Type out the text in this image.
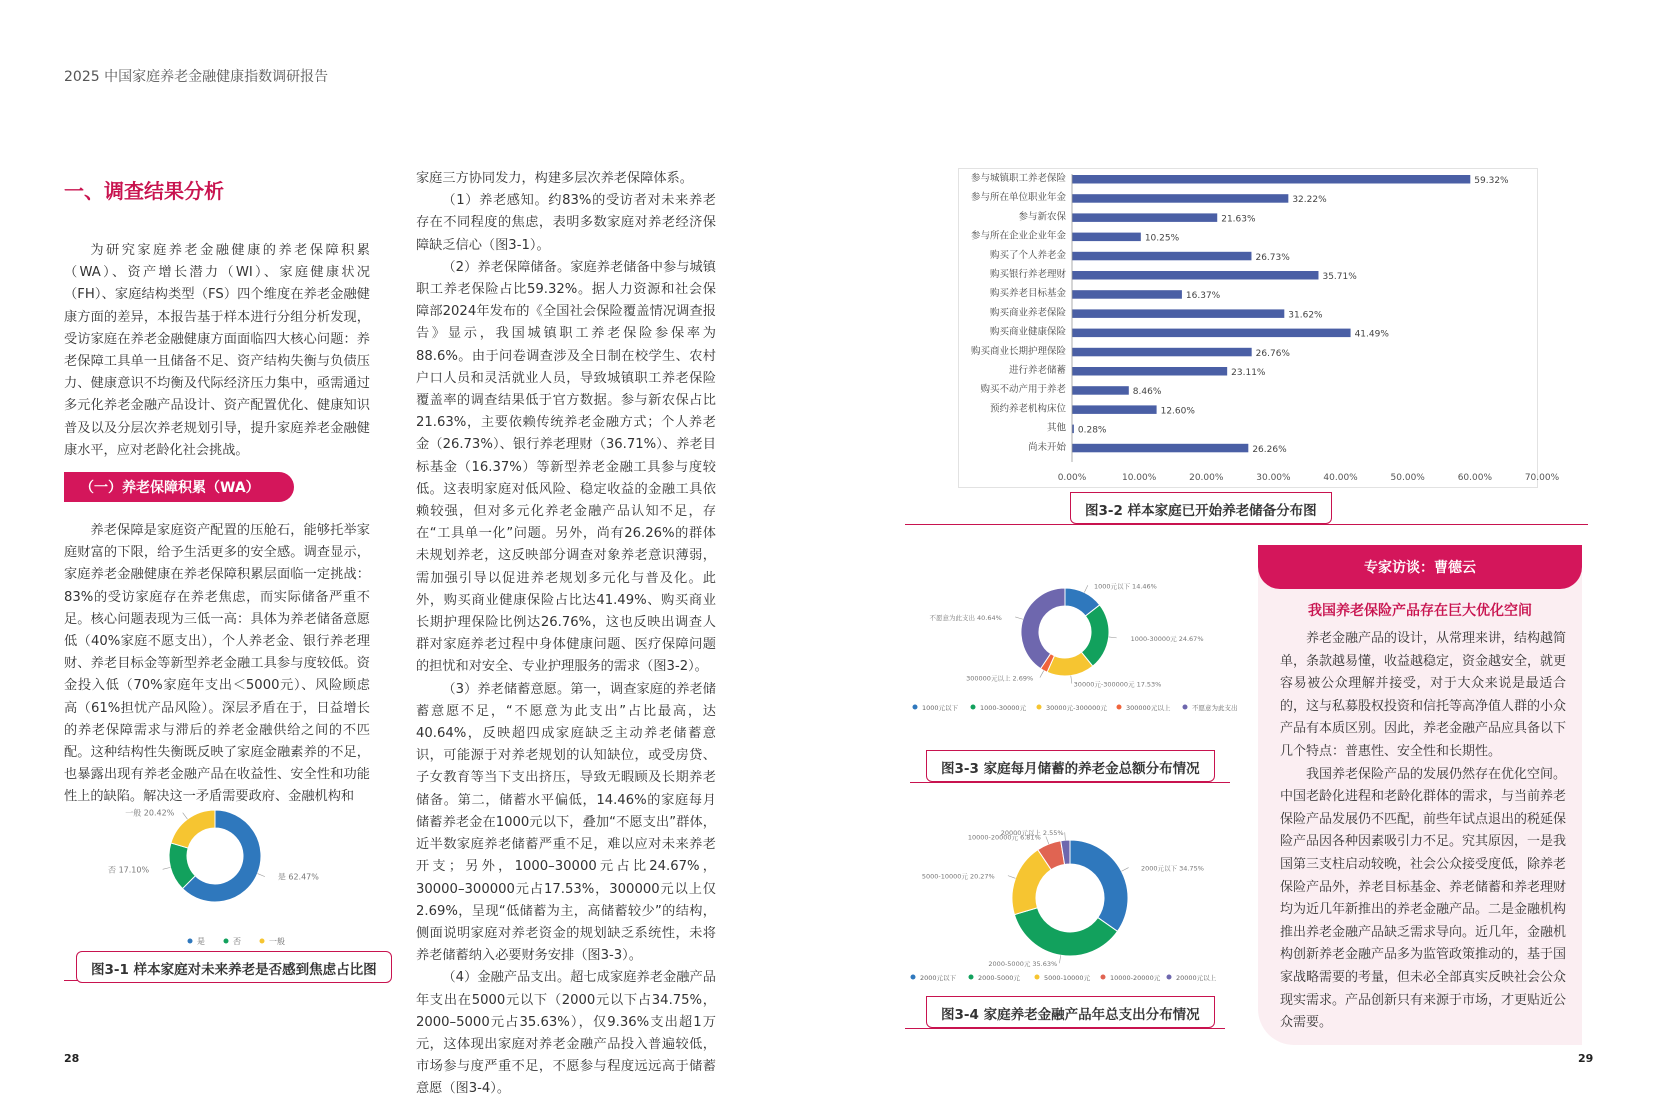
2025 中国家庭养老金融健康指数调研报告
一、调查结果分析

为研究家庭养老金融健康的养老保障积累（WA）、资产增长潜力（WI）、家庭健康状况（FH）、家庭结构类型（FS）四个维度在养老金融健康方面的差异，本报告基于样本进行分组分析发现，受访家庭在养老金融健康方面面临四大核心问题：养老保障工具单一且储备不足、资产结构失衡与负债压力、健康意识不均衡及代际经济压力集中，亟需通过多元化养老金融产品设计、资产配置优化、健康知识普及以及分层次养老规划引导，提升家庭养老金融健康水平，应对老龄化社会挑战。

（一）养老保障积累（WA）

养老保障是家庭资产配置的压舱石，能够托举家庭财富的下限，给予生活更多的安全感。调查显示，家庭养老金融健康在养老保障积累层面临一定挑战：83%的受访家庭存在养老焦虑，而实际储备严重不足。核心问题表现为三低一高：具体为养老储备意愿低（40%家庭不愿支出），个人养老金、银行养老理财、养老目标金等新型养老金融工具参与度较低。资金投入低（70%家庭年支出＜5000元）、风险顾虑高（61%担忧产品风险）。深层矛盾在于，日益增长的养老保障需求与滞后的养老金融供给之间的不匹配。这种结构性失衡既反映了家庭金融素养的不足，也暴露出现有养老金融产品在收益性、安全性和功能性上的缺陷。解决这一矛盾需要政府、金融机构和

是 62.47%
否 17.10%
一般 20.42%
是	否	一般
图3-1 样本家庭对未来养老是否感到焦虑占比图

家庭三方协同发力，构建多层次养老保障体系。

（1）养老感知。约83%的受访者对未来养老存在不同程度的焦虑，表明多数家庭对养老经济保障缺乏信心（图3-1）。

（2）养老保障储备。家庭养老储备中参与城镇职工养老保险占比59.32%。据人力资源和社会保障部2024年发布的《全国社会保险覆盖情况调查报告》显示，我国城镇职工养老保险参保率为88.6%。由于问卷调查涉及全日制在校学生、农村户口人员和灵活就业人员，导致城镇职工养老保险覆盖率的调查结果低于官方数据。参与新农保占比21.63%，主要依赖传统养老金融方式；个人养老金（26.73%）、银行养老理财（36.71%）、养老目标基金（16.37%）等新型养老金融工具参与度较低。这表明家庭对低风险、稳定收益的金融工具依赖较强，但对多元化养老金融产品认知不足，存在“工具单一化”问题。另外，尚有26.26%的群体未规划养老，这反映部分调查对象养老意识薄弱，需加强引导以促进养老规划多元化与普及化。此外，购买商业健康保险占比达41.49%、购买商业长期护理保险比例达26.76%，这也反映出调查人群对家庭养老过程中身体健康问题、医疗保障问题的担忧和对安全、专业护理服务的需求（图3-2）。

（3）养老储蓄意愿。第一，调查家庭的养老储蓄意愿不足，“不愿意为此支出”占比最高，达40.64%，反映超四成家庭缺乏主动养老储蓄意识，可能源于对养老规划的认知缺位，或受房贷、子女教育等当下支出挤压，导致无暇顾及长期养老储备。第二，储蓄水平偏低，14.46%的家庭每月储蓄养老金在1000元以下，叠加“不愿支出”群体，近半数家庭养老储蓄严重不足，难以应对未来养老开支；另外，1000–30000元占比24.67%，30000–300000元占17.53%，300000元以上仅2.69%，呈现“低储蓄为主，高储蓄较少”的结构，侧面说明家庭对养老资金的规划缺乏系统性，未将养老储蓄纳入必要财务安排（图3-3）。

（4）金融产品支出。超七成家庭养老金融产品年支出在5000元以下（2000元以下占34.75%，2000–5000元占35.63%），仅9.36%支出超1万元，这体现出家庭对养老金融产品投入普遍较低，市场参与度严重不足，不愿参与程度远远高于储蓄意愿（图3-4）。

28
参与城镇职工养老保险	59.32%
参与所在单位职业年金	32.22%
参与新农保	21.63%
参与所在企业企业年金	10.25%
购买了个人养老金	26.73%
购买银行养老理财	35.71%
购买养老目标基金	16.37%
购买商业养老保险	31.62%
购买商业健康保险	41.49%
购买商业长期护理保险	26.76%
进行养老储蓄	23.11%
购买不动产用于养老	8.46%
预约养老机构床位	12.60%
其他 0.28%
尚未开始	26.26%
0.00%	10.00%	20.00%	30.00%	40.00%	50.00%	60.00%	70.00%
图3-2 样本家庭已开始养老储备分布图
1000元以下 14.46%
1000-30000元 24.67%
30000元-300000元 17.53%
300000元以上 2.69%
不愿意为此支出 40.64%
1000元以下	1000-30000元	30000元-300000元	300000元以上	不愿意为此支出
图3-3 家庭每月储蓄的养老金总额分布情况
2000元以下 34.75%
2000-5000元 35.63%
5000-10000元 20.27%
10000-20000元 6.81%
20000元以上 2.55%
2000元以下	2000-5000元	5000-10000元	10000-20000元 20000元以上
图3-4 家庭养老金融产品年总支出分布情况
专家访谈：曹德云
我国养老保险产品存在巨大优化空间

养老金融产品的设计，从常理来讲，结构越简单，条款越易懂，收益越稳定，资金越安全，就更容易被公众理解并接受，对于大众来说是最适合的，这与私募股权投资和信托等高净值人群的小众产品有本质区别。因此，养老金融产品应具备以下几个特点：普惠性、安全性和长期性。

我国养老保险产品的发展仍然存在优化空间。中国老龄化进程和老龄化群体的需求，与当前养老保险产品发展仍不匹配，前些年试点退出的税延保险产品因各种因素吸引力不足。究其原因，一是我国第三支柱启动较晚，社会公众接受度低，除养老保险产品外，养老目标基金、养老储蓄和养老理财均为近几年新推出的养老金融产品。二是金融机构推出养老金融产品缺乏需求导向。近几年，金融机构创新养老金融产品多为监管政策推动的，基于国家战略需要的考量，但未必全部真实反映社会公众现实需求。产品创新只有来源于市场，才更贴近公众需要。

29
